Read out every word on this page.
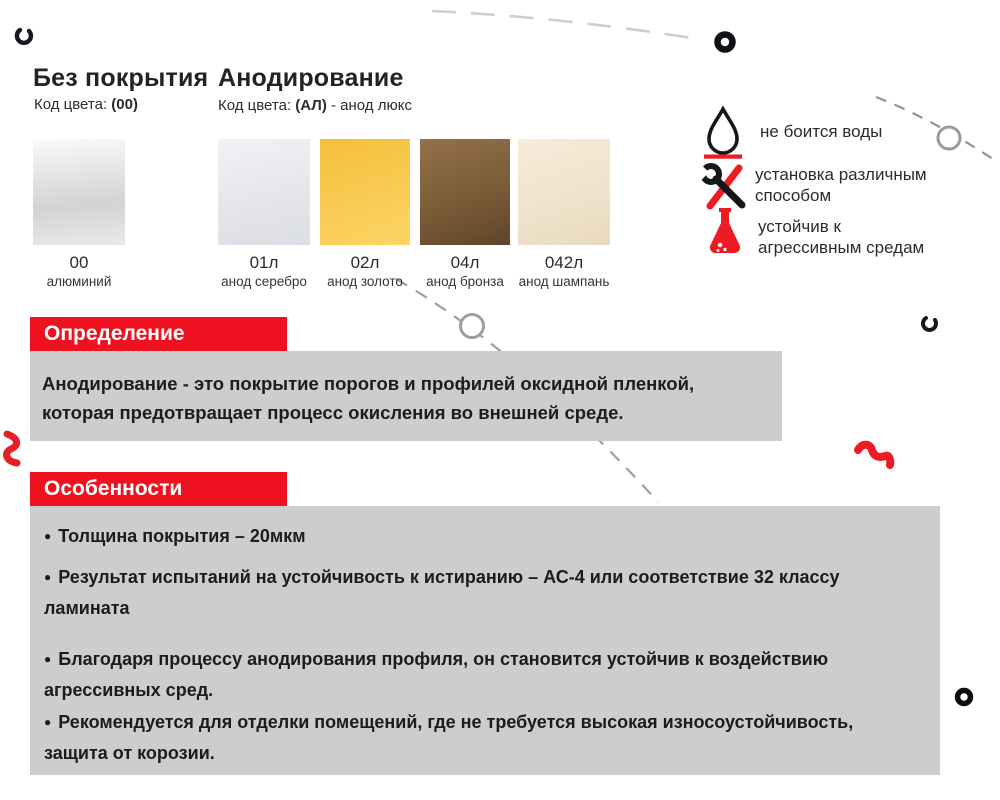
Без покрытия
Код цвета: (00)
Анодирование
Код цвета: (АЛ) - анод люкс
00
алюминий
01л
анод серебро
02л
анод золото
04л
анод бронза
042л
анод шампань
не боится воды
установка различным способом
устойчив к агрессивным средам
Определение
Анодирование - это покрытие порогов и профилей оксидной пленкой, которая предотвращает процесс окисления во внешней среде.
Особенности
● Толщина покрытия – 20мкм
● Результат испытаний на устойчивость к истиранию – АС-4 или соответствие 32 классу ламината
● Благодаря процессу анодирования профиля, он становится устойчив к воздействию агрессивных сред.
● Рекомендуется для отделки помещений, где не требуется высокая износоустойчивость, защита от корозии.
